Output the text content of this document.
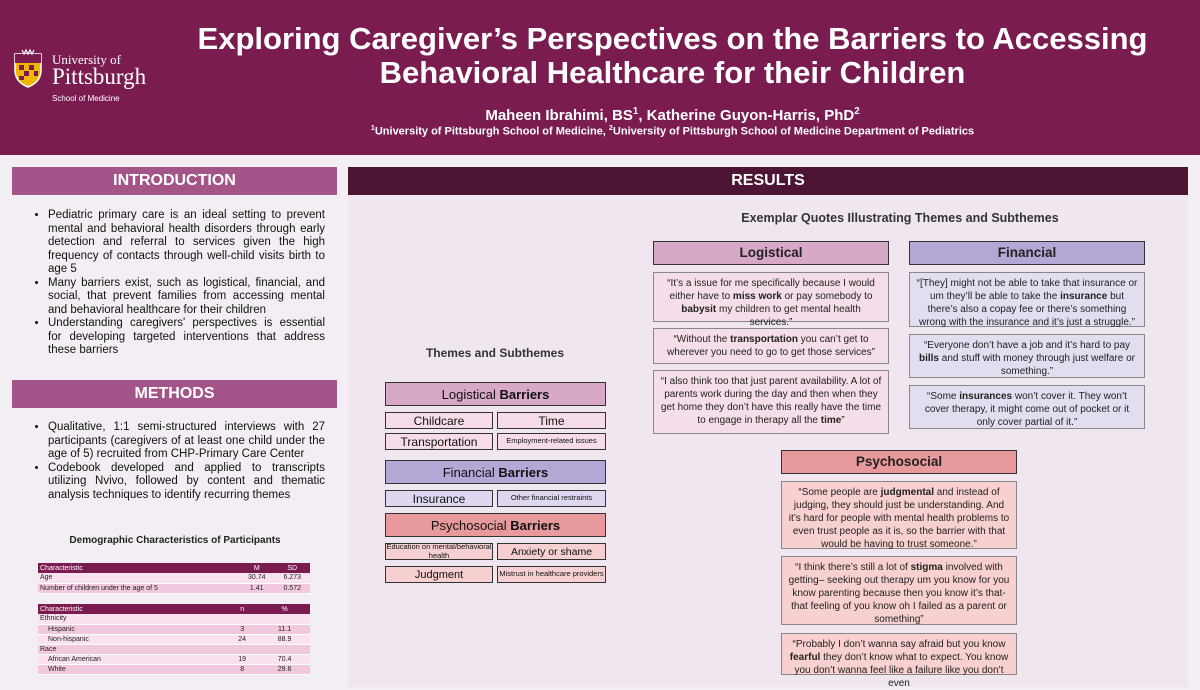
University of
Pittsburgh
School of Medicine
Exploring Caregiver’s Perspectives on the Barriers to Accessing
Behavioral Healthcare for their Children
Maheen Ibrahimi, $BS^1$, Katherine Guyon-Harris, PhD$^2$
$^1$University of Pittsburgh School of Medicine, $^2$University of Pittsburgh School of Medicine Department of Pediatrics
INTRODUCTION
• Pediatric primary care is an ideal setting to prevent mental and behavioral health disorders through early detection and referral to services given the high frequency of contacts through well-child visits birth to age 5
• Many barriers exist, such as logistical, financial, and social, that prevent families from accessing mental and behavioral healthcare for their children
• Understanding caregivers' perspectives is essential for developing targeted interventions that address these barriers
METHODS
• Qualitative, 1:1 semi-structured interviews with 27 participants (caregivers of at least one child under the age of 5) recruited from CHP-Primary Care Center
• Codebook developed and applied to transcripts utilizing Nvivo, followed by content and thematic analysis techniques to identify recurring themes
Demographic Characteristics of Participants
Characteristic	M	SD
Age	30.74	6.273
Number of children under the age of 5	1.41	0.572
Characteristic	n	%
Ethnicity		
Hispanic	3	11.1
Non-hispanic	24	88.9
Race		
African American	19	70.4
White	8	29.6
RESULTS
Exemplar Quotes Illustrating Themes and Subthemes
Themes and Subthemes
Logistical Barriers
Childcare	Time
Transportation	Employment-related issues
Financial Barriers
Insurance	Other financial restraints
Psychosocial Barriers
Education on mental/behavioral health	Anxiety or shame
Judgment	Mistrust in healthcare providers
Logistical	Financial
Psychosocial
“It’s a issue for me specifically because I would either have to miss work or pay somebody to babysit my children to get mental health services.”
“Without the transportation you can’t get to wherever you need to go to get those services”
“I also think too that just parent availability. A lot of parents work during the day and then when they get home they don’t have this really have the time to engage in therapy all the time”
“[They] might not be able to take that insurance or um they’ll be able to take the insurance but there’s also a copay fee or there’s something wrong with the insurance and it’s just a struggle.”
“Everyone don’t have a job and it’s hard to pay bills and stuff with money through just welfare or something.”
“Some insurances won’t cover it. They won’t cover therapy, it might come out of pocket or it only cover partial of it.”
“Some people are judgmental and instead of judging, they should just be understanding. And it’s hard for people with mental health problems to even trust people as it is, so the barrier with that would be having to trust someone.”
“I think there’s still a lot of stigma involved with getting– seeking out therapy um you know for you know parenting because then you know it’s that- that feeling of you know oh I failed as a parent or something”
“Probably I don’t wanna say afraid but you know fearful they don’t know what to expect. You know you don’t wanna feel like a failure like you don’t even
